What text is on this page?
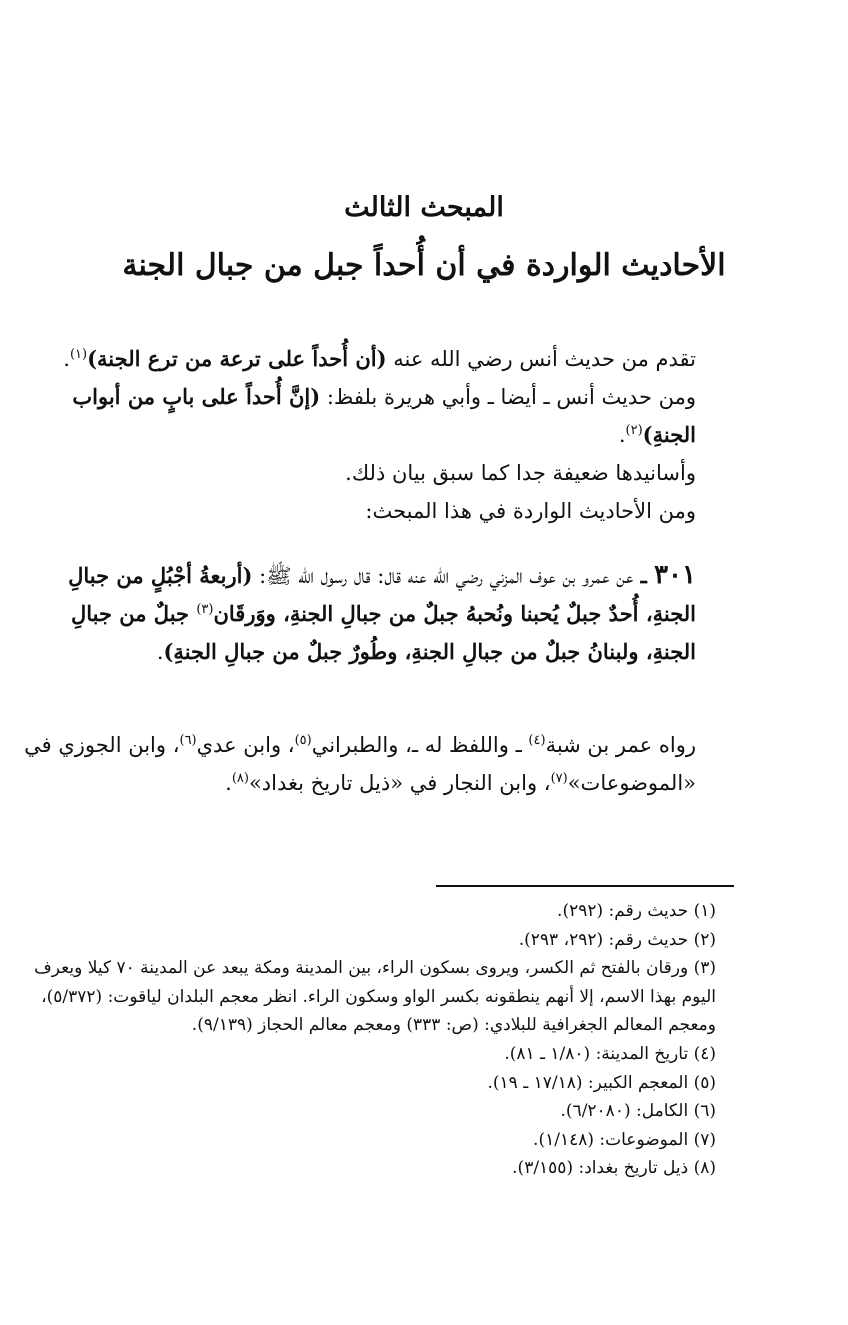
المبحث الثالث
الأحاديث الواردة في أن أُحداً جبل من جبال الجنة

تقدم من حديث أنس رضي الله عنه (أن أُحداً على ترعة من ترع الجنة)$^{(١)}$.

ومن حديث أنس ـ أيضا ـ وأبي هريرة بلفظ: (إنَّ أُحداً على بابٍ من أبواب الجنةِ)$^{(٢)}$.

وأسانيدها ضعيفة جدا كما سبق بيان ذلك.

ومن الأحاديث الواردة في هذا المبحث:

٣٠١ ـ عن عمرو بن عوف المزني رضي الله عنه قال: قال رسول الله ﷺ: (أربعةُ أجْبُلٍ من جبالِ الجنةِ، أُحدٌ جبلٌ يُحبنا ونُحبهُ جبلٌ من جبالِ الجنةِ، ووَرقَان$^{(٣)}$ جبلٌ من جبالِ الجنةِ، ولبنانُ جبلٌ من جبالِ الجنةِ، وطُورٌ جبلٌ من جبالِ الجنةِ).

رواه عمر بن شبة$^{(٤)}$ ـ واللفظ له ـ، والطبراني$^{(٥)}$، وابن عدي$^{(٦)}$، وابن الجوزي في «الموضوعات»$^{(٧)}$، وابن النجار في «ذيل تاريخ بغداد»$^{(٨)}$.

(١) حديث رقم: (٢٩٢).

(٢) حديث رقم: (٢٩٢، ٢٩٣).

(٣) ورقان بالفتح ثم الكسر، ويروى بسكون الراء، بين المدينة ومكة يبعد عن المدينة ٧٠ كيلا ويعرف اليوم بهذا الاسم، إلا أنهم ينطقونه بكسر الواو وسكون الراء. انظر معجم البلدان لياقوت: (٥/٣٧٢)، ومعجم المعالم الجغرافية للبلادي: (ص: ٣٣٣) ومعجم معالم الحجاز (٩/١٣٩).

(٤) تاريخ المدينة: (١/٨٠ ـ ٨١).

(٥) المعجم الكبير: (١٧/١٨ ـ ١٩).

(٦) الكامل: (٦/٢٠٨٠).

(٧) الموضوعات: (١/١٤٨).

(٨) ذيل تاريخ بغداد: (٣/١٥٥).
